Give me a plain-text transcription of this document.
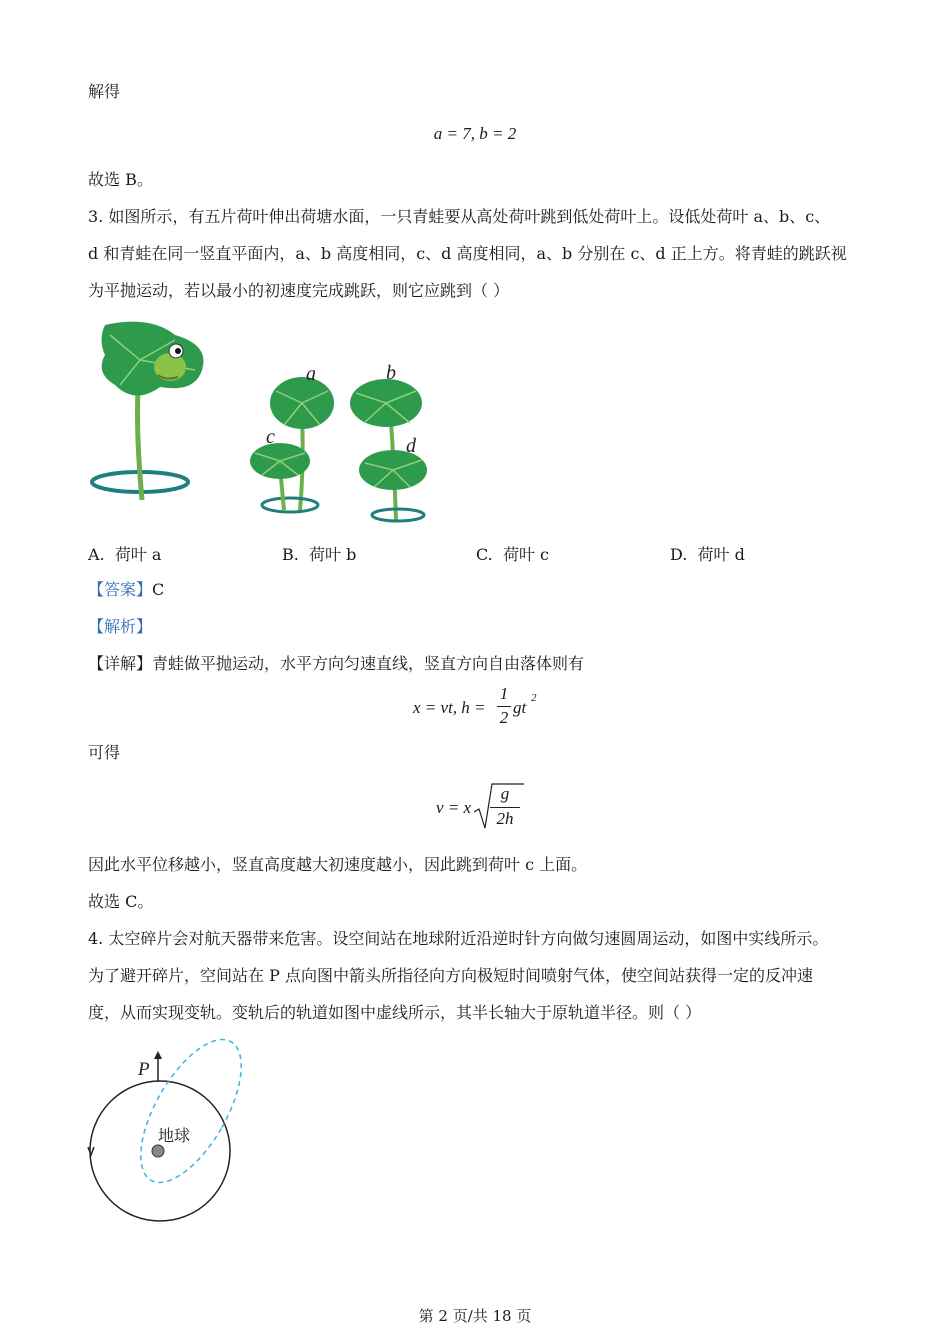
解得
a = 7, b = 2
故选 B。
3. 如图所示，有五片荷叶伸出荷塘水面，一只青蛙要从高处荷叶跳到低处荷叶上。设低处荷叶 a、b、c、
d 和青蛙在同一竖直平面内，a、b 高度相同，c、d 高度相同，a、b 分别在 c、d 正上方。将青蛙的跳跃视
为平抛运动，若以最小的初速度完成跳跃，则它应跳到（ ）
a	b
c	d
A. 荷叶 a	B. 荷叶 b	C. 荷叶 c	D. 荷叶 d
【答案】C
【解析】
【详解】青蛙做平抛运动，水平方向匀速直线，竖直方向自由落体则有
x = vt, h =
1
2
gt 2
可得
v = x
g
2h
因此水平位移越小，竖直高度越大初速度越小，因此跳到荷叶 c 上面。
故选 C。
4. 太空碎片会对航天器带来危害。设空间站在地球附近沿逆时针方向做匀速圆周运动，如图中实线所示。
为了避开碎片，空间站在 P 点向图中箭头所指径向方向极短时间喷射气体，使空间站获得一定的反冲速
度，从而实现变轨。变轨后的轨道如图中虚线所示，其半长轴大于原轨道半径。则（ ）
P
地球
第 2 页/共 18 页
